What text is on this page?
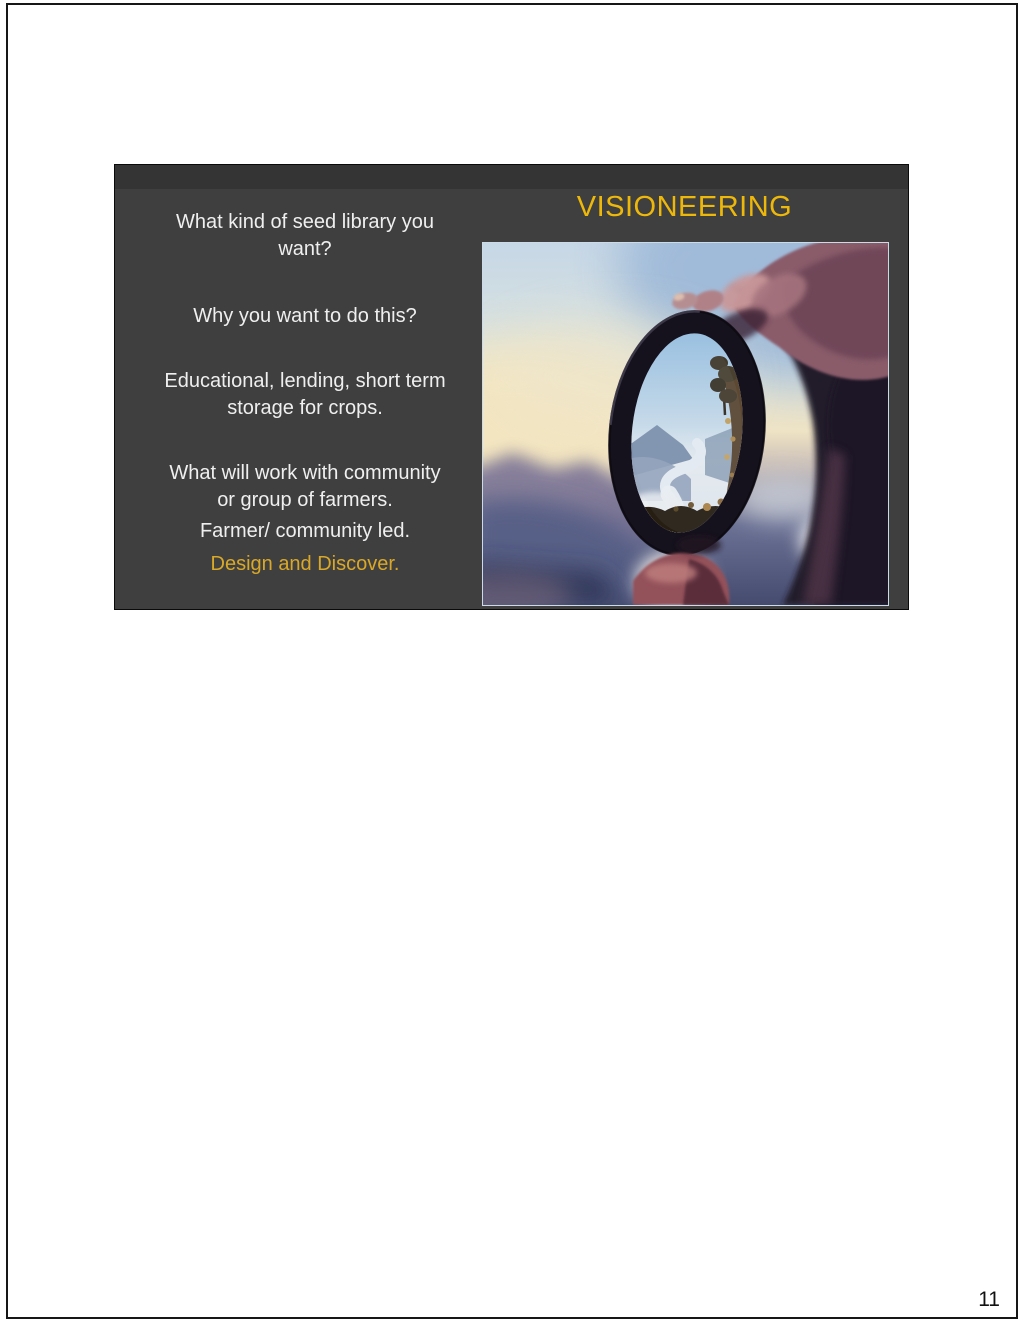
What kind of seed library you
want?
Why you want to do this?
Educational, lending, short term
storage for crops.
What will work with community
or group of farmers.
Farmer/ community led.
Design and Discover.
VISIONEERING
11
